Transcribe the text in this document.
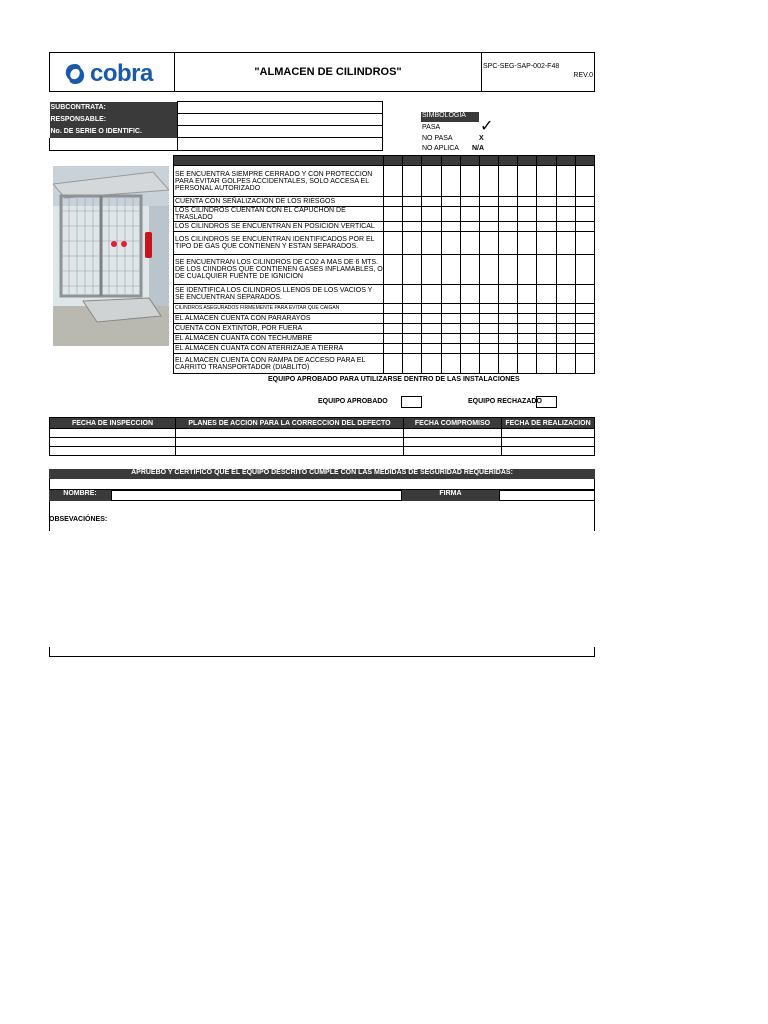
cobra	"ALMACEN DE CILINDROS"	SPC-SEG-SAP-002-F48
REV.0
SUBCONTRATA:	
RESPONSABLE:	
No. DE SERIE O IDENTIFIC.	

SIMBOLOGIA
PASA ✓
NO PASA	X
NO APLICA N/A

SE ENCUENTRA SIEMPRE CERRADO Y CON PROTECCION PARA EVITAR GOLPES ACCIDENTALES, SOLO ACCESA EL PERSONAL AUTORIZADO											
CUENTA CON SEÑALIZACION DE LOS RIESGOS											
LOS CILINDROS CUENTAN CON EL CAPUCHON DE TRASLADO											
LOS CILINDROS SE ENCUENTRAN EN POSICION VERTICAL											
LOS CILINDROS SE ENCUENTRAN IDENTIFICADOS POR EL TIPO DE GAS QUE CONTIENEN Y ESTAN SEPARADOS.											
SE ENCUENTRAN LOS CILINDROS DE CO2 A MAS DE 6 MTS. DE LOS CIINDROS QUE CONTIENEN GASES INFLAMABLES, O DE CUALQUIER FUENTE DE IGNICION											
SE IDENTIFICA LOS CILINDROS LLENOS DE LOS VACIOS Y SE ENCUENTRAN SEPARADOS.											
CILINDROS ASEGURADOS FIRMEMENTE PARA EVITAR QUE CAIGAN											
EL ALMACEN CUENTA CON PARARAYOS											
CUENTA CON EXTINTOR, POR FUERA											
EL ALMACEN CUANTA CON TECHUMBRE											
EL ALMACEN CUANTA CON ATERRIZAJE A TIERRA											
EL ALMACEN CUENTA CON RAMPA DE ACCESO PARA EL CARRITO TRANSPORTADOR (DIABLITO)											
EQUIPO APROBADO PARA UTILIZARSE DENTRO DE LAS INSTALACIONES
EQUIPO APROBADO	EQUIPO RECHAZADO
FECHA DE INSPECCION	PLANES DE ACCION PARA LA CORRECCION DEL DEFECTO	FECHA COMPROMISO	FECHA DE REALIZACION

APRUEBO Y CERTIFICO QUE EL EQUIPO DESCRITO CUMPLE CON LAS MEDIDAS DE SEGURIDAD REQUERIDAS:
NOMBRE:	FIRMA
OBSEVACIÓNES:
